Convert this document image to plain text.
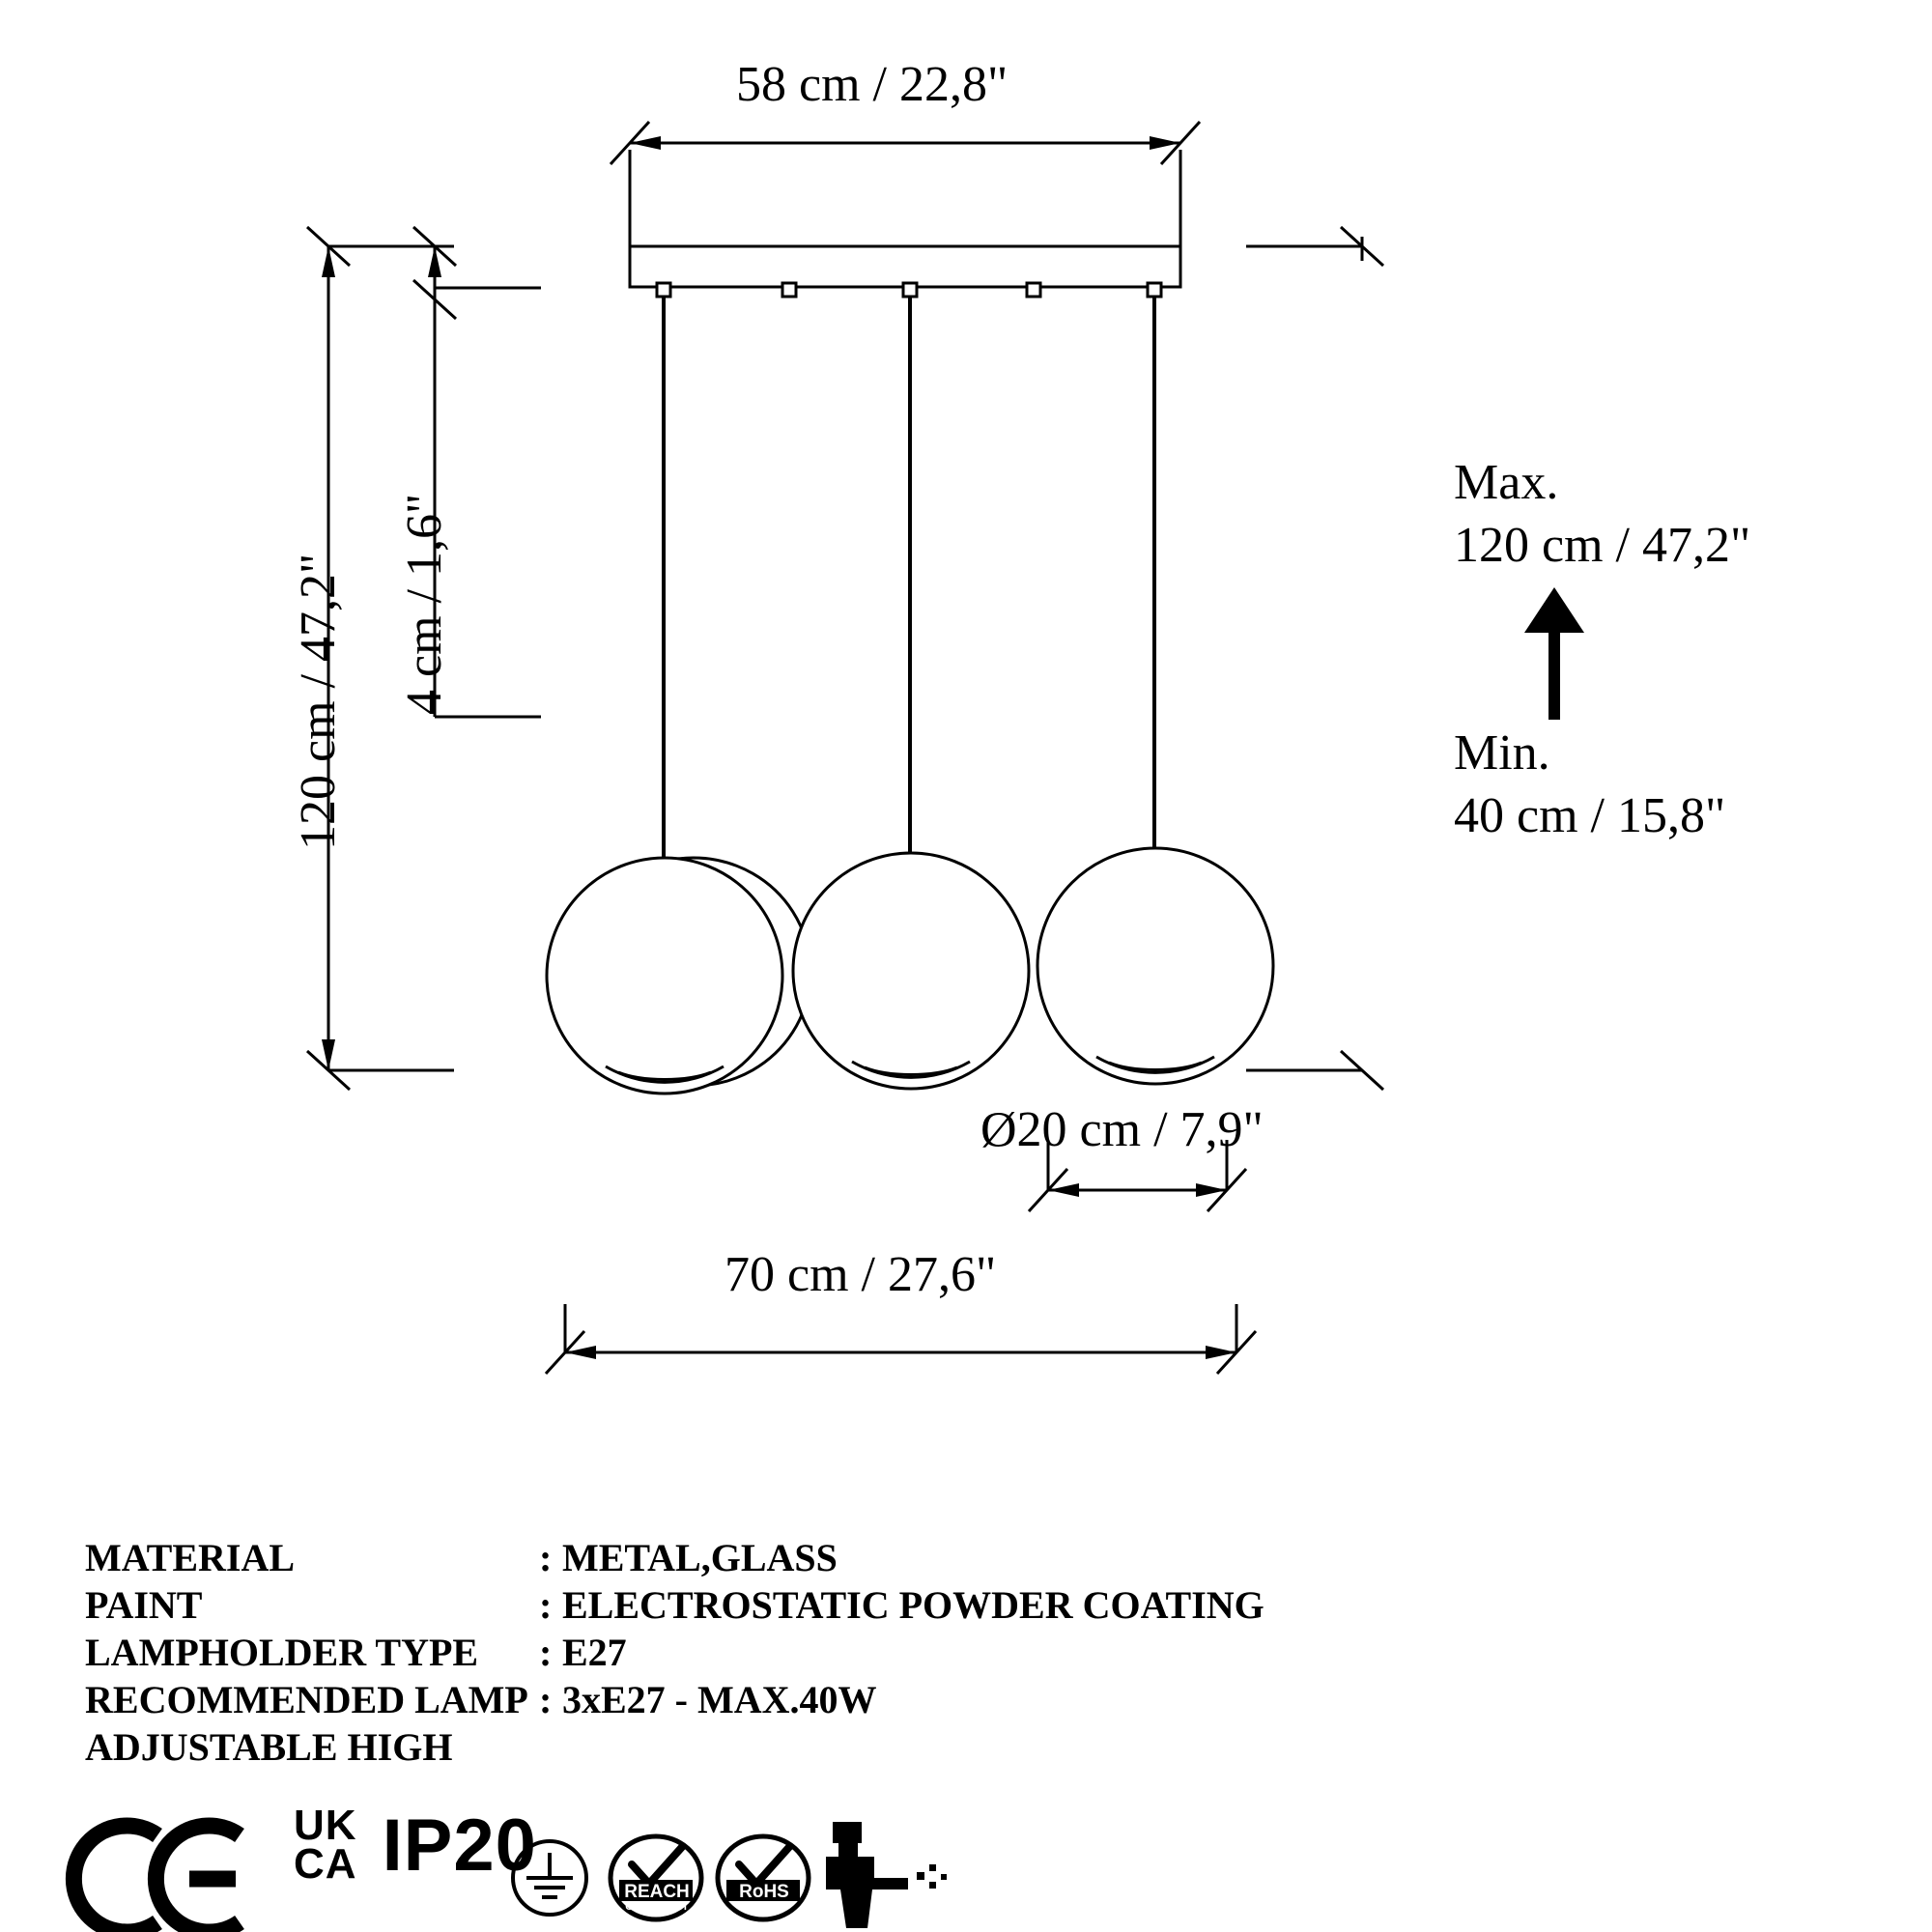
58 cm / 22,8"
120 cm / 47,2" 4 cm / 1,6"
Max.
120 cm / 47,2"
Min.
40 cm / 15,8"
Ø20 cm / 7,9"
70 cm / 27,6"
MATERIAL	: METAL,GLASS
PAINT	: ELECTROSTATIC POWDER COATING
LAMPHOLDER TYPE	: E27
RECOMMENDED LAMP : 3xE27 - MAX.40W
ADJUSTABLE HIGH
UK
CA IP20
REACH
COMPLIANT
RoHS
